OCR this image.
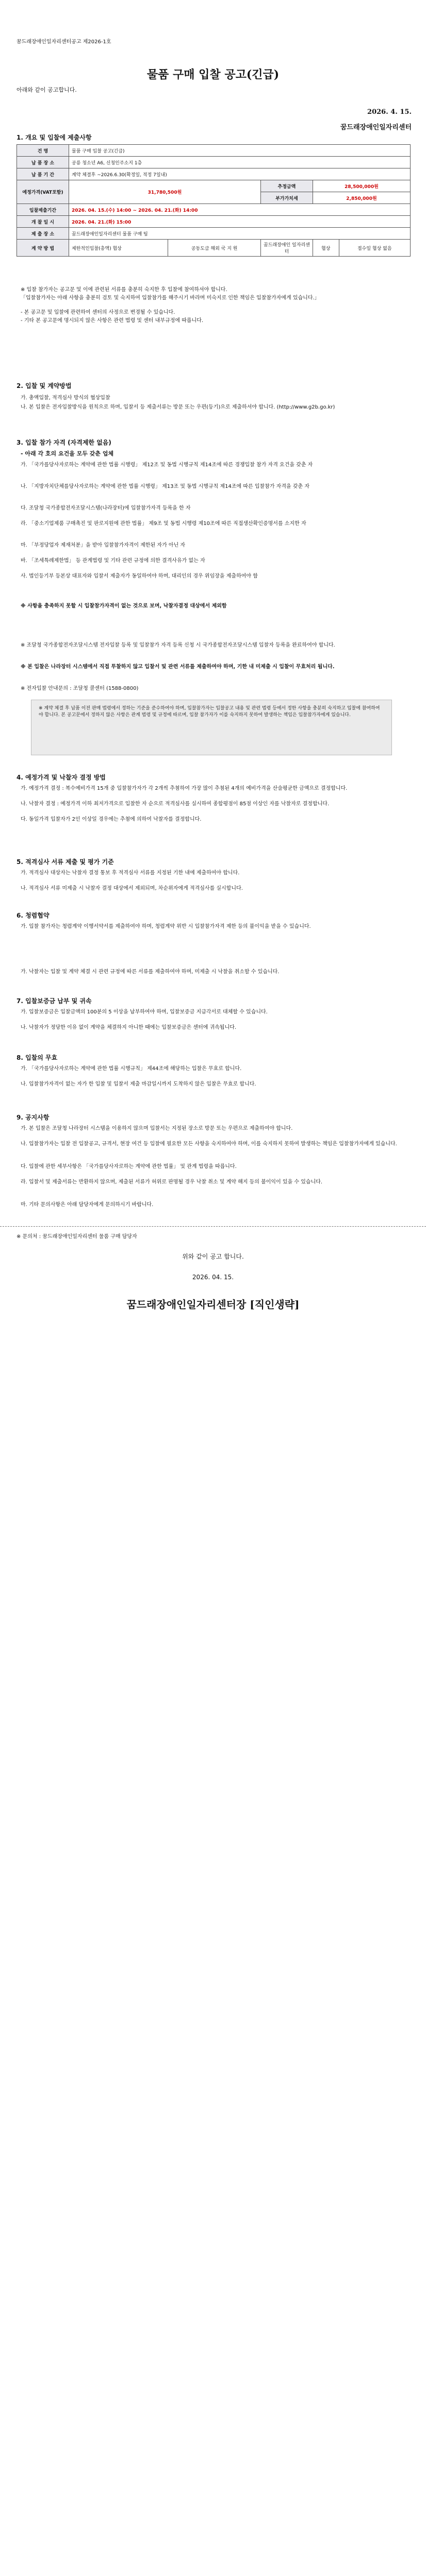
꿈드래장애인일자리센터공고 제2026-1호
물품 구매 입찰 공고(긴급)
아래와 같이 공고합니다.
2026. 4. 15.
꿈드래장애인일자리센터
1. 개요 및 입찰에 제출사항
건 명	물품 구매 입찰 공고(긴급)				
납 품 장 소	공릉 청소년 A6, 신청인주소지 1층				
납 품 기 간	계약 체결후 ~2026.6.30(확정일, 적정 7일내)				
예정가격(VAT포함)	31,780,500원		추정금액	28,500,000원	
			부가가치세	2,850,000원	
입찰제출기간	2026. 04. 15.(수) 14:00 ~ 2026. 04. 21.(화) 14:00				
개 찰 일 시	2026. 04. 21.(화) 15:00				
제 출 장 소	꿈드래장애인일자리센터 물품 구매 팀				
계 약 방 법	제한적인입찰(총액) 협상	공동도급 해외 국 지 원	꿈드래장애인 일자리센터	협상	접수일 협상 없음
※ 입찰 참가자는 공고문 및 이에 관련된 서류를 충분히 숙지한 후 입찰에 참여하셔야 합니다.
「입찰참가자는 아래 사항을 충분히 검토 및 숙지하여 입찰참가를 해주시기 바라며 미숙지로 인한 책임은 입찰참가자에게 있습니다.」
- 본 공고문 및 입찰에 관련하여 센터의 사정으로 변경될 수 있습니다.
- 기타 본 공고문에 명시되지 않은 사항은 관련 법령 및 센터 내부규정에 따릅니다.
2. 입찰 및 계약방법
가. 총액입찰, 적격심사 방식의 협상입찰
나. 본 입찰은 전자입찰방식을 원칙으로 하며, 입찰서 등 제출서류는 방문 또는 우편(등기)으로 제출하셔야 합니다. (http://www.g2b.go.kr)
3. 입찰 참가 자격 (자격제한 없음)
- 아래 각 호의 요건을 모두 갖춘 업체
가. 「국가를당사자로하는 계약에 관한 법률 시행령」 제12조 및 동법 시행규칙 제14조에 따른 경쟁입찰 참가 자격 요건을 갖춘 자
나. 「지방자치단체를당사자로하는 계약에 관한 법률 시행령」 제13조 및 동법 시행규칙 제14조에 따른 입찰참가 자격을 갖춘 자
다. 조달청 국가종합전자조달시스템(나라장터)에 입찰참가자격 등록을 한 자
라. 「중소기업제품 구매촉진 및 판로지원에 관한 법률」 제9조 및 동법 시행령 제10조에 따른 직접생산확인증명서를 소지한 자
마. 「부정당업자 제재처분」을 받아 입찰참가자격이 제한된 자가 아닌 자
바. 「조세특례제한법」 등 관계법령 및 기타 관련 규정에 의한 결격사유가 없는 자
사. 법인등기부 등본상 대표자와 입찰서 제출자가 동일하여야 하며, 대리인의 경우 위임장을 제출하여야 함
※ 사항을 충족하지 못할 시 입찰참가자격이 없는 것으로 보며, 낙찰자결정 대상에서 제외함
※ 조달청 국가종합전자조달시스템 전자입찰 등록 및 입찰참가 자격 등록 신청 시 국가종합전자조달시스템 입찰자 등록을 완료하여야 합니다.
※ 본 입찰은 나라장터 시스템에서 직접 투찰하지 않고 입찰서 및 관련 서류를 제출하여야 하며, 기한 내 미제출 시 입찰이 무효처리 됩니다.
※ 전자입찰 안내문의 : 조달청 콜센터 (1588-0800)
※ 계약 체결 후 납품 이전 판매 법령에서 정하는 기준을 준수하여야 하며, 입찰참가자는 입찰공고 내용 및 관련 법령 등에서 정한 사항을 충분히 숙지하고 입찰에 참여하여야 합니다. 본 공고문에서 정하지 않은 사항은 관계 법령 및 규정에 따르며, 입찰 참가자가 이를 숙지하지 못하여 발생하는 책임은 입찰참가자에게 있습니다.
4. 예정가격 및 낙찰자 결정 방법
가. 예정가격 결정 : 복수예비가격 15개 중 입찰참가자가 각 2개씩 추첨하여 가장 많이 추첨된 4개의 예비가격을 산술평균한 금액으로 결정합니다.
나. 낙찰자 결정 : 예정가격 이하 최저가격으로 입찰한 자 순으로 적격심사를 실시하여 종합평점이 85점 이상인 자를 낙찰자로 결정합니다.
다. 동일가격 입찰자가 2인 이상일 경우에는 추첨에 의하여 낙찰자를 결정합니다.
5. 적격심사 서류 제출 및 평가 기준
가. 적격심사 대상자는 낙찰자 결정 통보 후 적격심사 서류를 지정된 기한 내에 제출하여야 합니다.
나. 적격심사 서류 미제출 시 낙찰자 결정 대상에서 제외되며, 차순위자에게 적격심사를 실시합니다.
6. 청렴협약
가. 입찰 참가자는 청렴계약 이행서약서를 제출하여야 하며, 청렴계약 위반 시 입찰참가자격 제한 등의 불이익을 받을 수 있습니다.
가. 낙찰자는 입찰 및 계약 체결 시 관련 규정에 따른 서류를 제출하여야 하며, 미제출 시 낙찰을 취소할 수 있습니다.
7. 입찰보증금 납부 및 귀속
가. 입찰보증금은 입찰금액의 100분의 5 이상을 납부하여야 하며, 입찰보증금 지급각서로 대체할 수 있습니다.
나. 낙찰자가 정당한 이유 없이 계약을 체결하지 아니한 때에는 입찰보증금은 센터에 귀속됩니다.
8. 입찰의 무효
가. 「국가를당사자로하는 계약에 관한 법률 시행규칙」 제44조에 해당하는 입찰은 무효로 합니다.
나. 입찰참가자격이 없는 자가 한 입찰 및 입찰서 제출 마감일시까지 도착하지 않은 입찰은 무효로 합니다.
9. 공지사항
가. 본 입찰은 조달청 나라장터 시스템을 이용하지 않으며 입찰서는 지정된 장소로 방문 또는 우편으로 제출하여야 합니다.
나. 입찰참가자는 입찰 전 입찰공고, 규격서, 현장 여건 등 입찰에 필요한 모든 사항을 숙지하여야 하며, 이를 숙지하지 못하여 발생하는 책임은 입찰참가자에게 있습니다.
다. 입찰에 관한 세부사항은 「국가를당사자로하는 계약에 관한 법률」 및 관계 법령을 따릅니다.
라. 입찰서 및 제출서류는 반환하지 않으며, 제출된 서류가 허위로 판명될 경우 낙찰 취소 및 계약 해지 등의 불이익이 있을 수 있습니다.
마. 기타 문의사항은 아래 담당자에게 문의하시기 바랍니다.
※ 문의처 : 꿈드래장애인일자리센터 물품 구매 담당자
위와 같이 공고 합니다.
2026. 04. 15.
꿈드래장애인일자리센터장 [직인생략]
